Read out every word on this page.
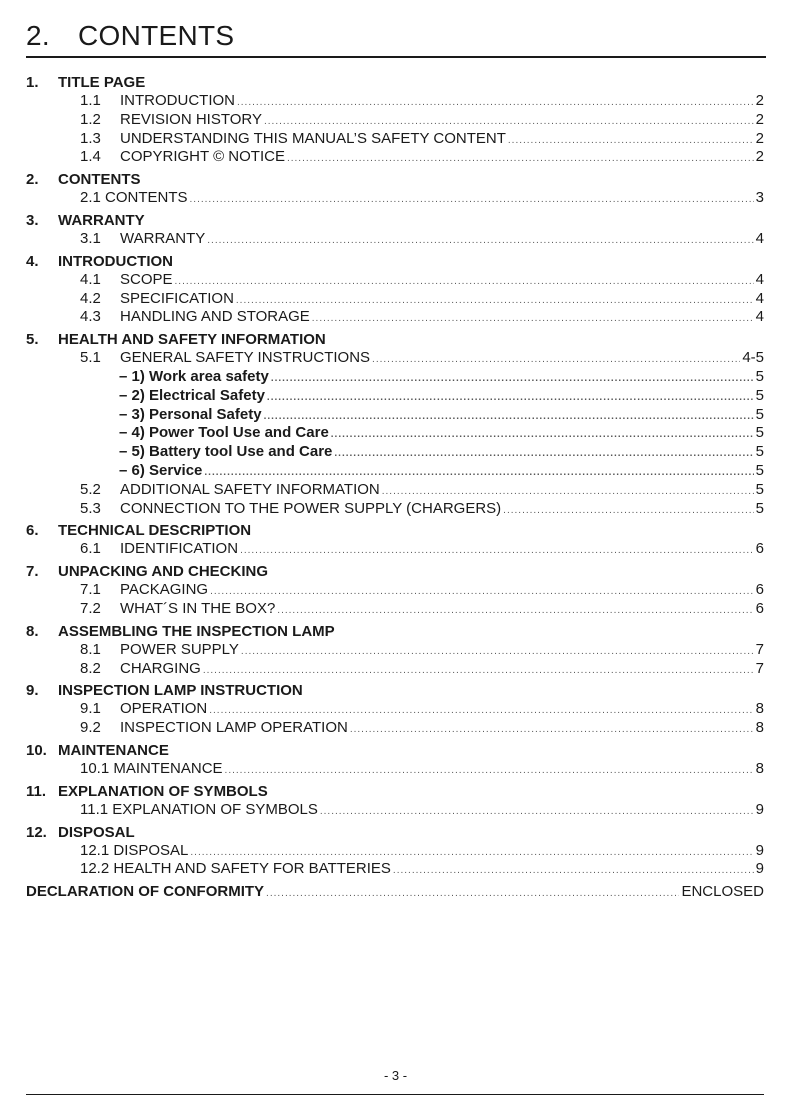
2. CONTENTS
1. TITLE PAGE
1.1 INTRODUCTION .....	2
1.2 REVISION HISTORY .....	2
1.3 UNDERSTANDING THIS MANUAL’S SAFETY CONTENT .....	2
1.4 COPYRIGHT © NOTICE .....	2
2. CONTENTS
2.1 CONTENTS .....	3
3. WARRANTY
3.1 WARRANTY .....	4
4. INTRODUCTION
4.1 SCOPE .....	4
4.2 SPECIFICATION .....	4
4.3 HANDLING AND STORAGE .....	4
5. HEALTH AND SAFETY INFORMATION
5.1 GENERAL SAFETY INSTRUCTIONS .....	4-5
– 1) Work area safety .....	5
– 2) Electrical Safety .....	5
– 3) Personal Safety .....	5
– 4) Power Tool Use and Care .....	5
– 5) Battery tool Use and Care .....	5
– 6) Service .....	5
5.2 ADDITIONAL SAFETY INFORMATION .....	5
5.3 CONNECTION TO THE POWER SUPPLY (CHARGERS) .....	5
6. TECHNICAL DESCRIPTION
6.1 IDENTIFICATION .....	6
7. UNPACKING AND CHECKING
7.1 PACKAGING .....	6
7.2 WHAT´S IN THE BOX? .....	6
8. ASSEMBLING THE INSPECTION LAMP
8.1 POWER SUPPLY .....	7
8.2 CHARGING .....	7
9. INSPECTION LAMP INSTRUCTION
9.1 OPERATION .....	8
9.2 INSPECTION LAMP OPERATION .....	8
10. MAINTENANCE
10.1 MAINTENANCE .....	8
11. EXPLANATION OF SYMBOLS
11.1 EXPLANATION OF SYMBOLS .....	9
12. DISPOSAL
12.1 DISPOSAL .....	9
12.2 HEALTH AND SAFETY FOR BATTERIES .....	9
DECLARATION OF CONFORMITY .....	ENCLOSED
- 3 -
